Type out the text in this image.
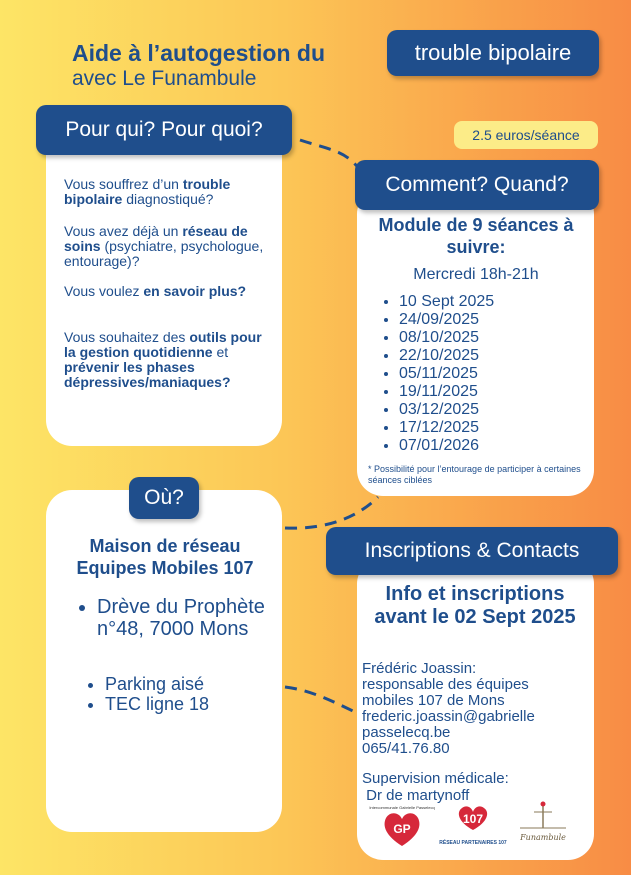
Aide à l’autogestion du
avec Le Funambule
trouble bipolaire
2.5 euros/séance
Pour qui? Pour quoi?
Comment? Quand?
Où?
Inscriptions & Contacts

Vous souffrez d’un trouble bipolaire diagnostiqué?

Vous avez déjà un réseau de soins (psychiatre, psychologue, entourage)?

Vous voulez en savoir plus?

Vous souhaitez des outils pour la gestion quotidienne et prévenir les phases dépressives/maniaques?

Module de 9 séances à suivre:
Mercredi 18h-21h
• 10 Sept 2025
• 24/09/2025
• 08/10/2025
• 22/10/2025
• 05/11/2025
• 19/11/2025
• 03/12/2025
• 17/12/2025
• 07/01/2026
* Possibilité pour l’entourage de participer à certaines séances ciblées
Maison de réseau Equipes Mobiles 107
• Drève du Prophète n°48, 7000 Mons
• Parking aisé
• TEC ligne 18
Info et inscriptions avant le 02 Sept 2025
Frédéric Joassin:
responsable des équipes
mobiles 107 de Mons
frederic.joassin@gabrielle
passelecq.be
065/41.76.80
Supervision médicale:
Dr de martynoff
GP
Intercommunale Gabrielle Passelecq
107
RÉSEAU PARTENAIRES 107
Funambule
